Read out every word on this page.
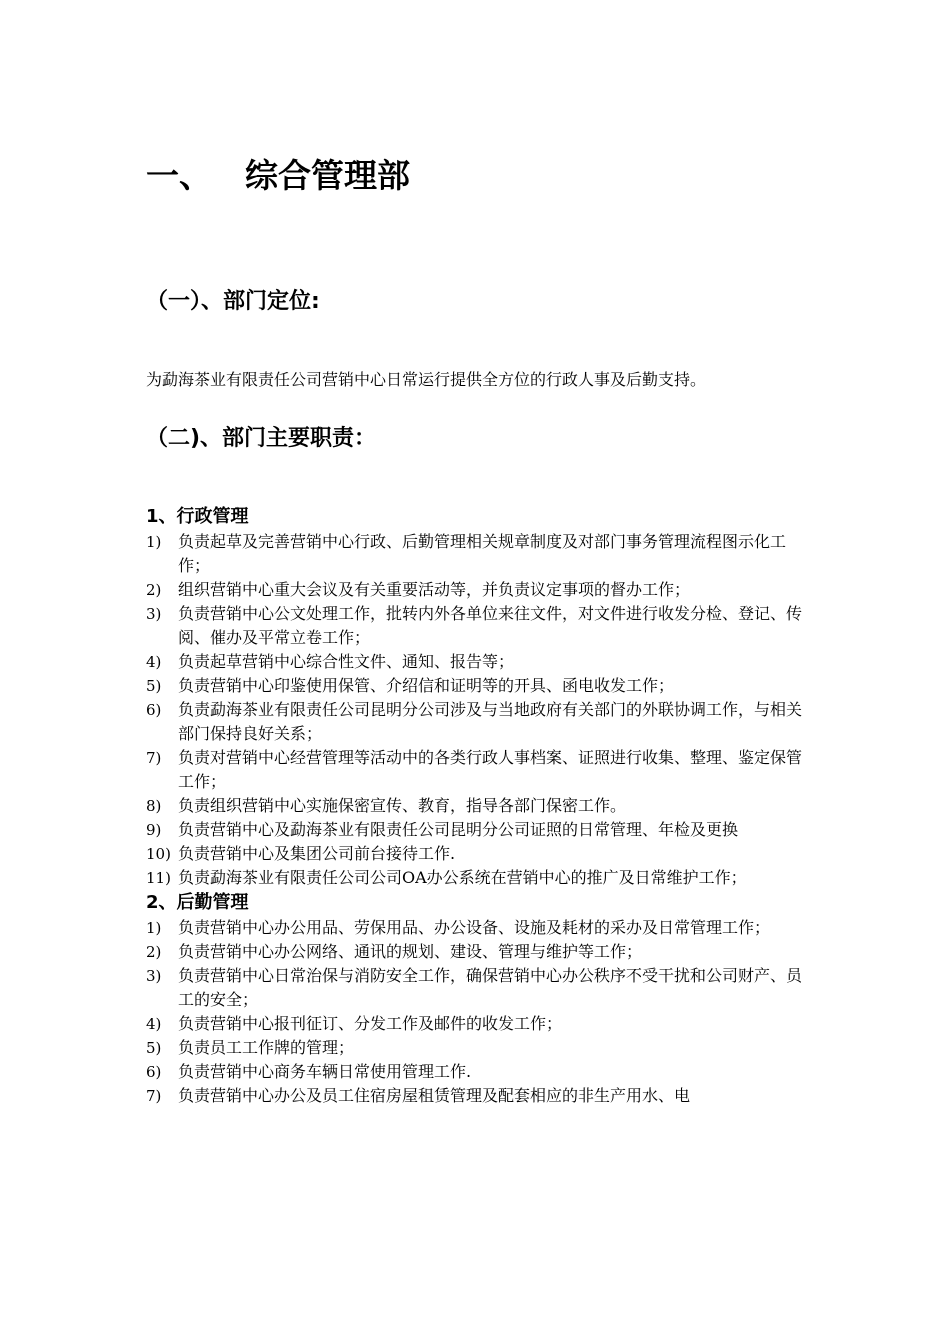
一、 综合管理部
（一）、部门定位:
为勐海茶业有限责任公司营销中心日常运行提供全方位的行政人事及后勤支持。
（二)、部门主要职责：
1、行政管理
1) 负责起草及完善营销中心行政、后勤管理相关规章制度及对部门事务管理流程图示化工作；
2) 组织营销中心重大会议及有关重要活动等，并负责议定事项的督办工作；
3) 负责营销中心公文处理工作，批转内外各单位来往文件，对文件进行收发分检、登记、传阅、催办及平常立卷工作；
4) 负责起草营销中心综合性文件、通知、报告等；
5) 负责营销中心印鉴使用保管、介绍信和证明等的开具、函电收发工作；
6) 负责勐海茶业有限责任公司昆明分公司涉及与当地政府有关部门的外联协调工作，与相关部门保持良好关系；
7) 负责对营销中心经营管理等活动中的各类行政人事档案、证照进行收集、整理、鉴定保管工作；
8) 负责组织营销中心实施保密宣传、教育，指导各部门保密工作。
9) 负责营销中心及勐海茶业有限责任公司昆明分公司证照的日常管理、年检及更换
10) 负责营销中心及集团公司前台接待工作.
11) 负责勐海茶业有限责任公司公司OA办公系统在营销中心的推广及日常维护工作；
2、后勤管理
1) 负责营销中心办公用品、劳保用品、办公设备、设施及耗材的采办及日常管理工作；
2) 负责营销中心办公网络、通讯的规划、建设、管理与维护等工作；
3) 负责营销中心日常治保与消防安全工作，确保营销中心办公秩序不受干扰和公司财产、员工的安全；
4) 负责营销中心报刊征订、分发工作及邮件的收发工作；
5) 负责员工工作牌的管理；
6) 负责营销中心商务车辆日常使用管理工作.
7) 负责营销中心办公及员工住宿房屋租赁管理及配套相应的非生产用水、电
